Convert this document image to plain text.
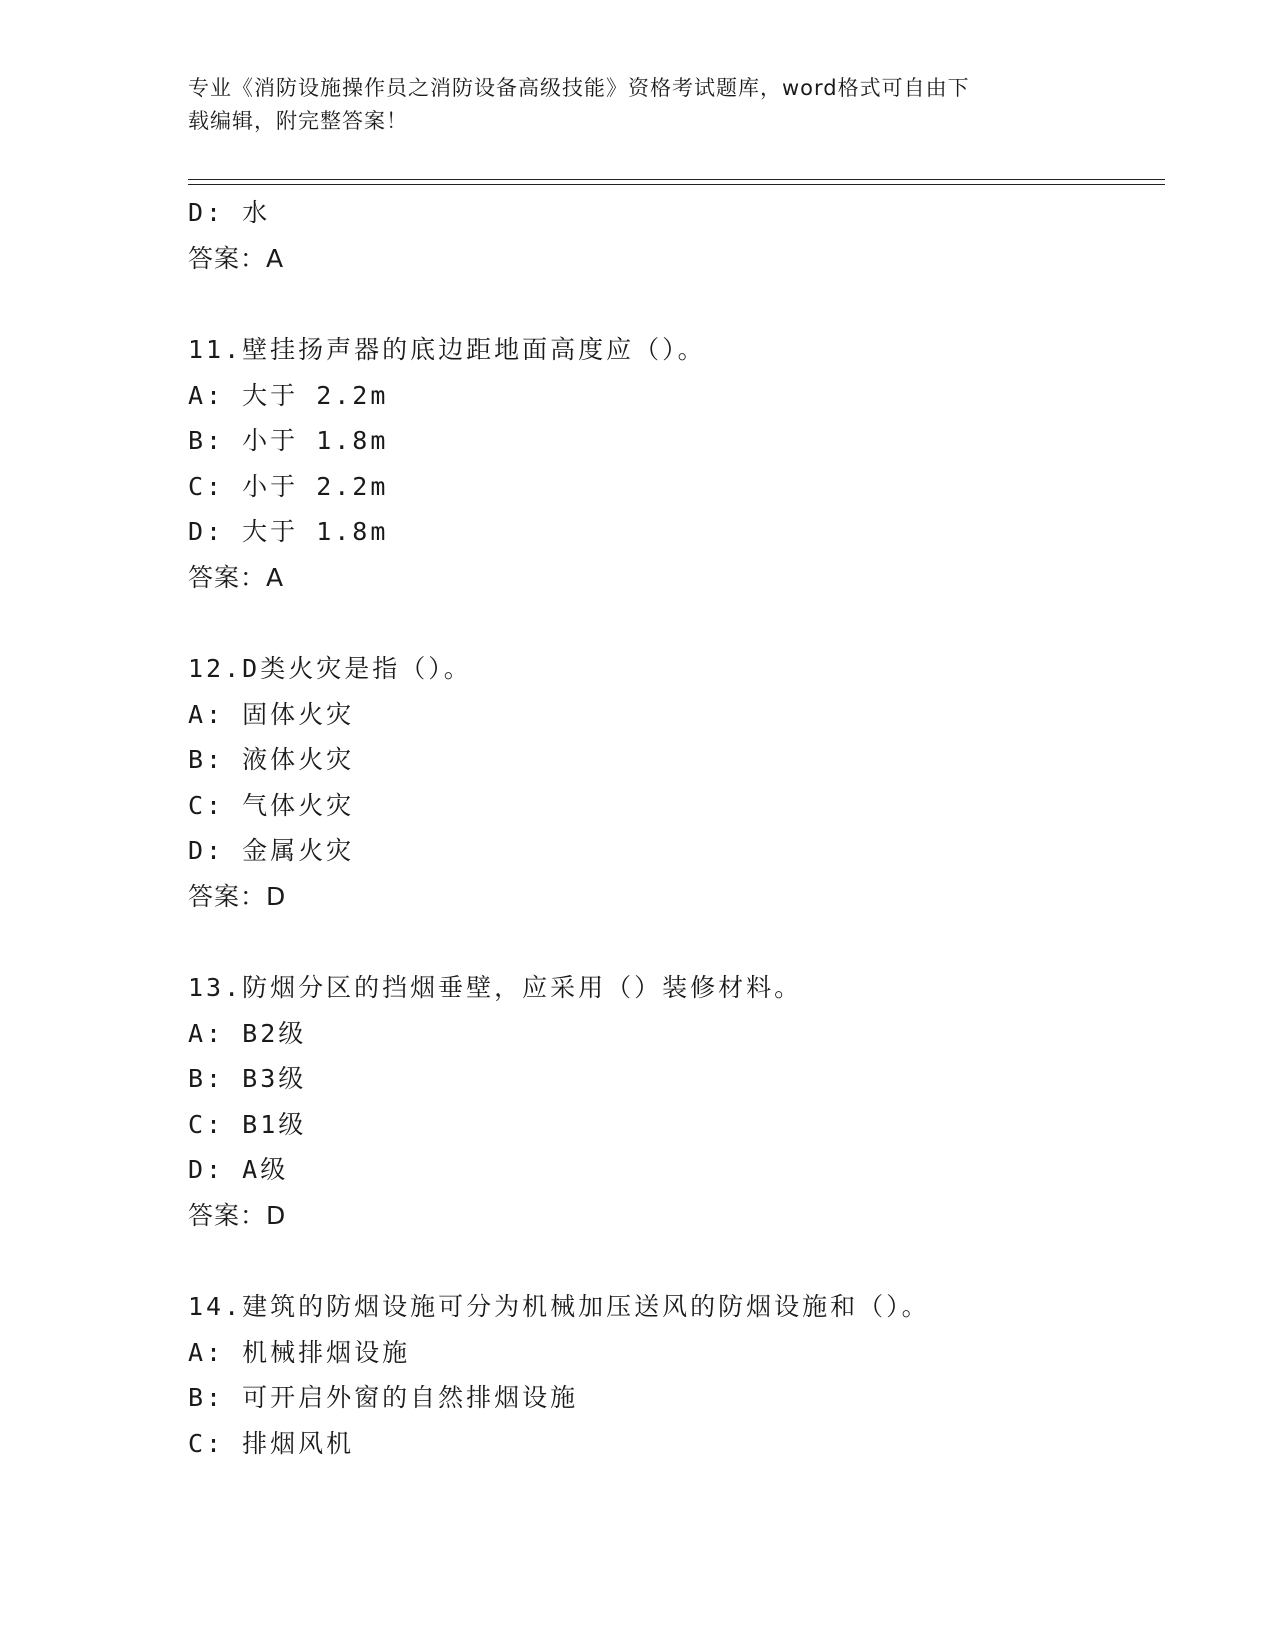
专业《消防设施操作员之消防设备高级技能》资格考试题库，word格式可自由下
载编辑，附完整答案！
D: 水
答案：A
11.壁挂扬声器的底边距地面高度应（）。
A: 大于 2.2m
B: 小于 1.8m
C: 小于 2.2m
D: 大于 1.8m
答案：A
12.D类火灾是指（）。
A: 固体火灾
B: 液体火灾
C: 气体火灾
D: 金属火灾
答案：D
13.防烟分区的挡烟垂壁，应采用（）装修材料。
A: B2级
B: B3级
C: B1级
D: A级
答案：D
14.建筑的防烟设施可分为机械加压送风的防烟设施和（）。
A: 机械排烟设施
B: 可开启外窗的自然排烟设施
C: 排烟风机
